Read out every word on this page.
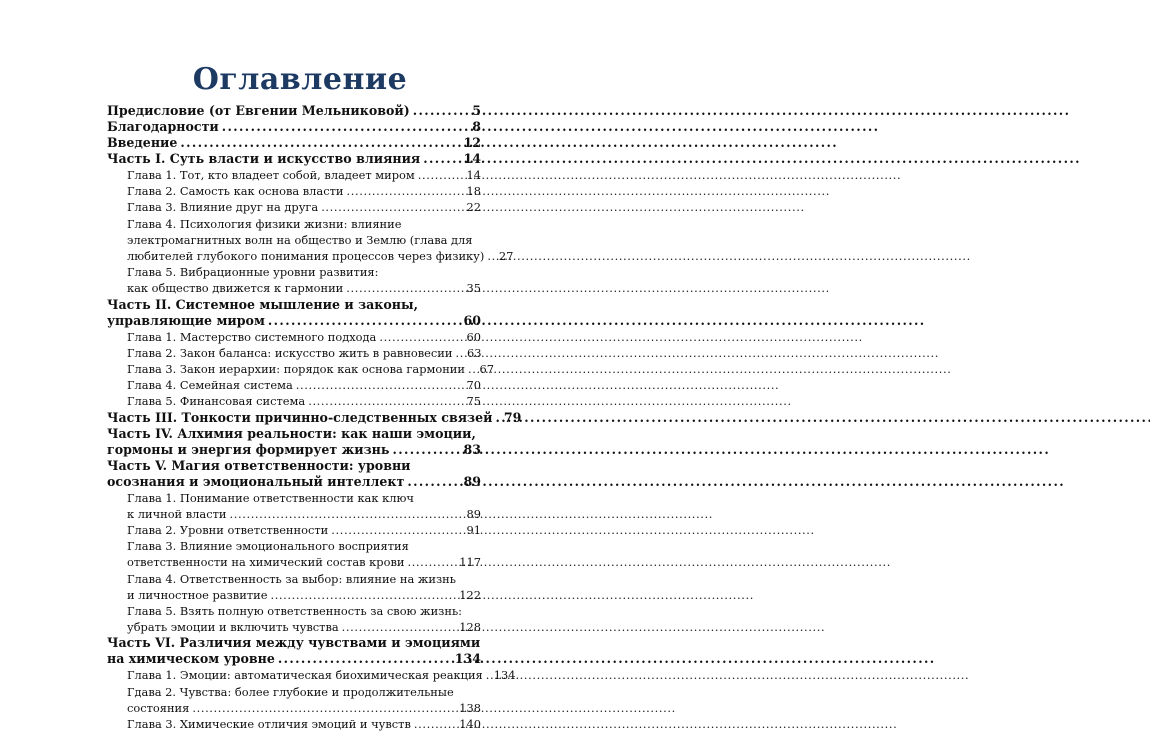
Оглавление
Предисловие (от Евгении Мельниковой) . . .	5
Благодарности . . .	8
Введение . . .	12
Часть I. Суть власти и искусство влияния . . .	14
Глава 1. Тот, кто владеет собой, владеет миром . . .	14
Глава 2. Самость как основа власти . . .	18
Глава 3. Влияние друг на друга . . .	22
Глава 4. Психология физики жизни: влияние
электромагнитных волн на общество и Землю (глава для
любителей глубокого понимания процессов через физику) . . .	27
Глава 5. Вибрационные уровни развития:
как общество движется к гармонии . . .	35
Часть II. Системное мышление и законы,
управляющие миром . . .	60
Глава 1. Мастерство системного подхода . . .	60
Глава 2. Закон баланса: искусство жить в равновесии . . .	63
Глава 3. Закон иерархии: порядок как основа гармонии . . .	67
Глава 4. Семейная система . . .	70
Глава 5. Финансовая система . . .	75
Часть III. Тонкости причинно-следственных связей . . . 79
Часть IV. Алхимия реальности: как наши эмоции,
гормоны и энергия формирует жизнь . . .	83
Часть V. Магия ответственности: уровни
осознания и эмоциональный интеллект . . .	89
Глава 1. Понимание ответственности как ключ
к личной власти . . .	89
Глава 2. Уровни ответственности . . .	91
Глава 3. Влияние эмоционального восприятия
ответственности на химический состав крови . . .	117
Глава 4. Ответственность за выбор: влияние на жизнь
и личностное развитие . . .	122
Глава 5. Взять полную ответственность за свою жизнь:
убрать эмоции и включить чувства . . .	128
Часть VI. Различия между чувствами и эмоциями
на химическом уровне . . .	134
Глава 1. Эмоции: автоматическая биохимическая реакция . . . 134
Гдава 2. Чувства: более глубокие и продолжительные
состояния . . .	138
Глава 3. Химические отличия эмоций и чувств . . .	140
